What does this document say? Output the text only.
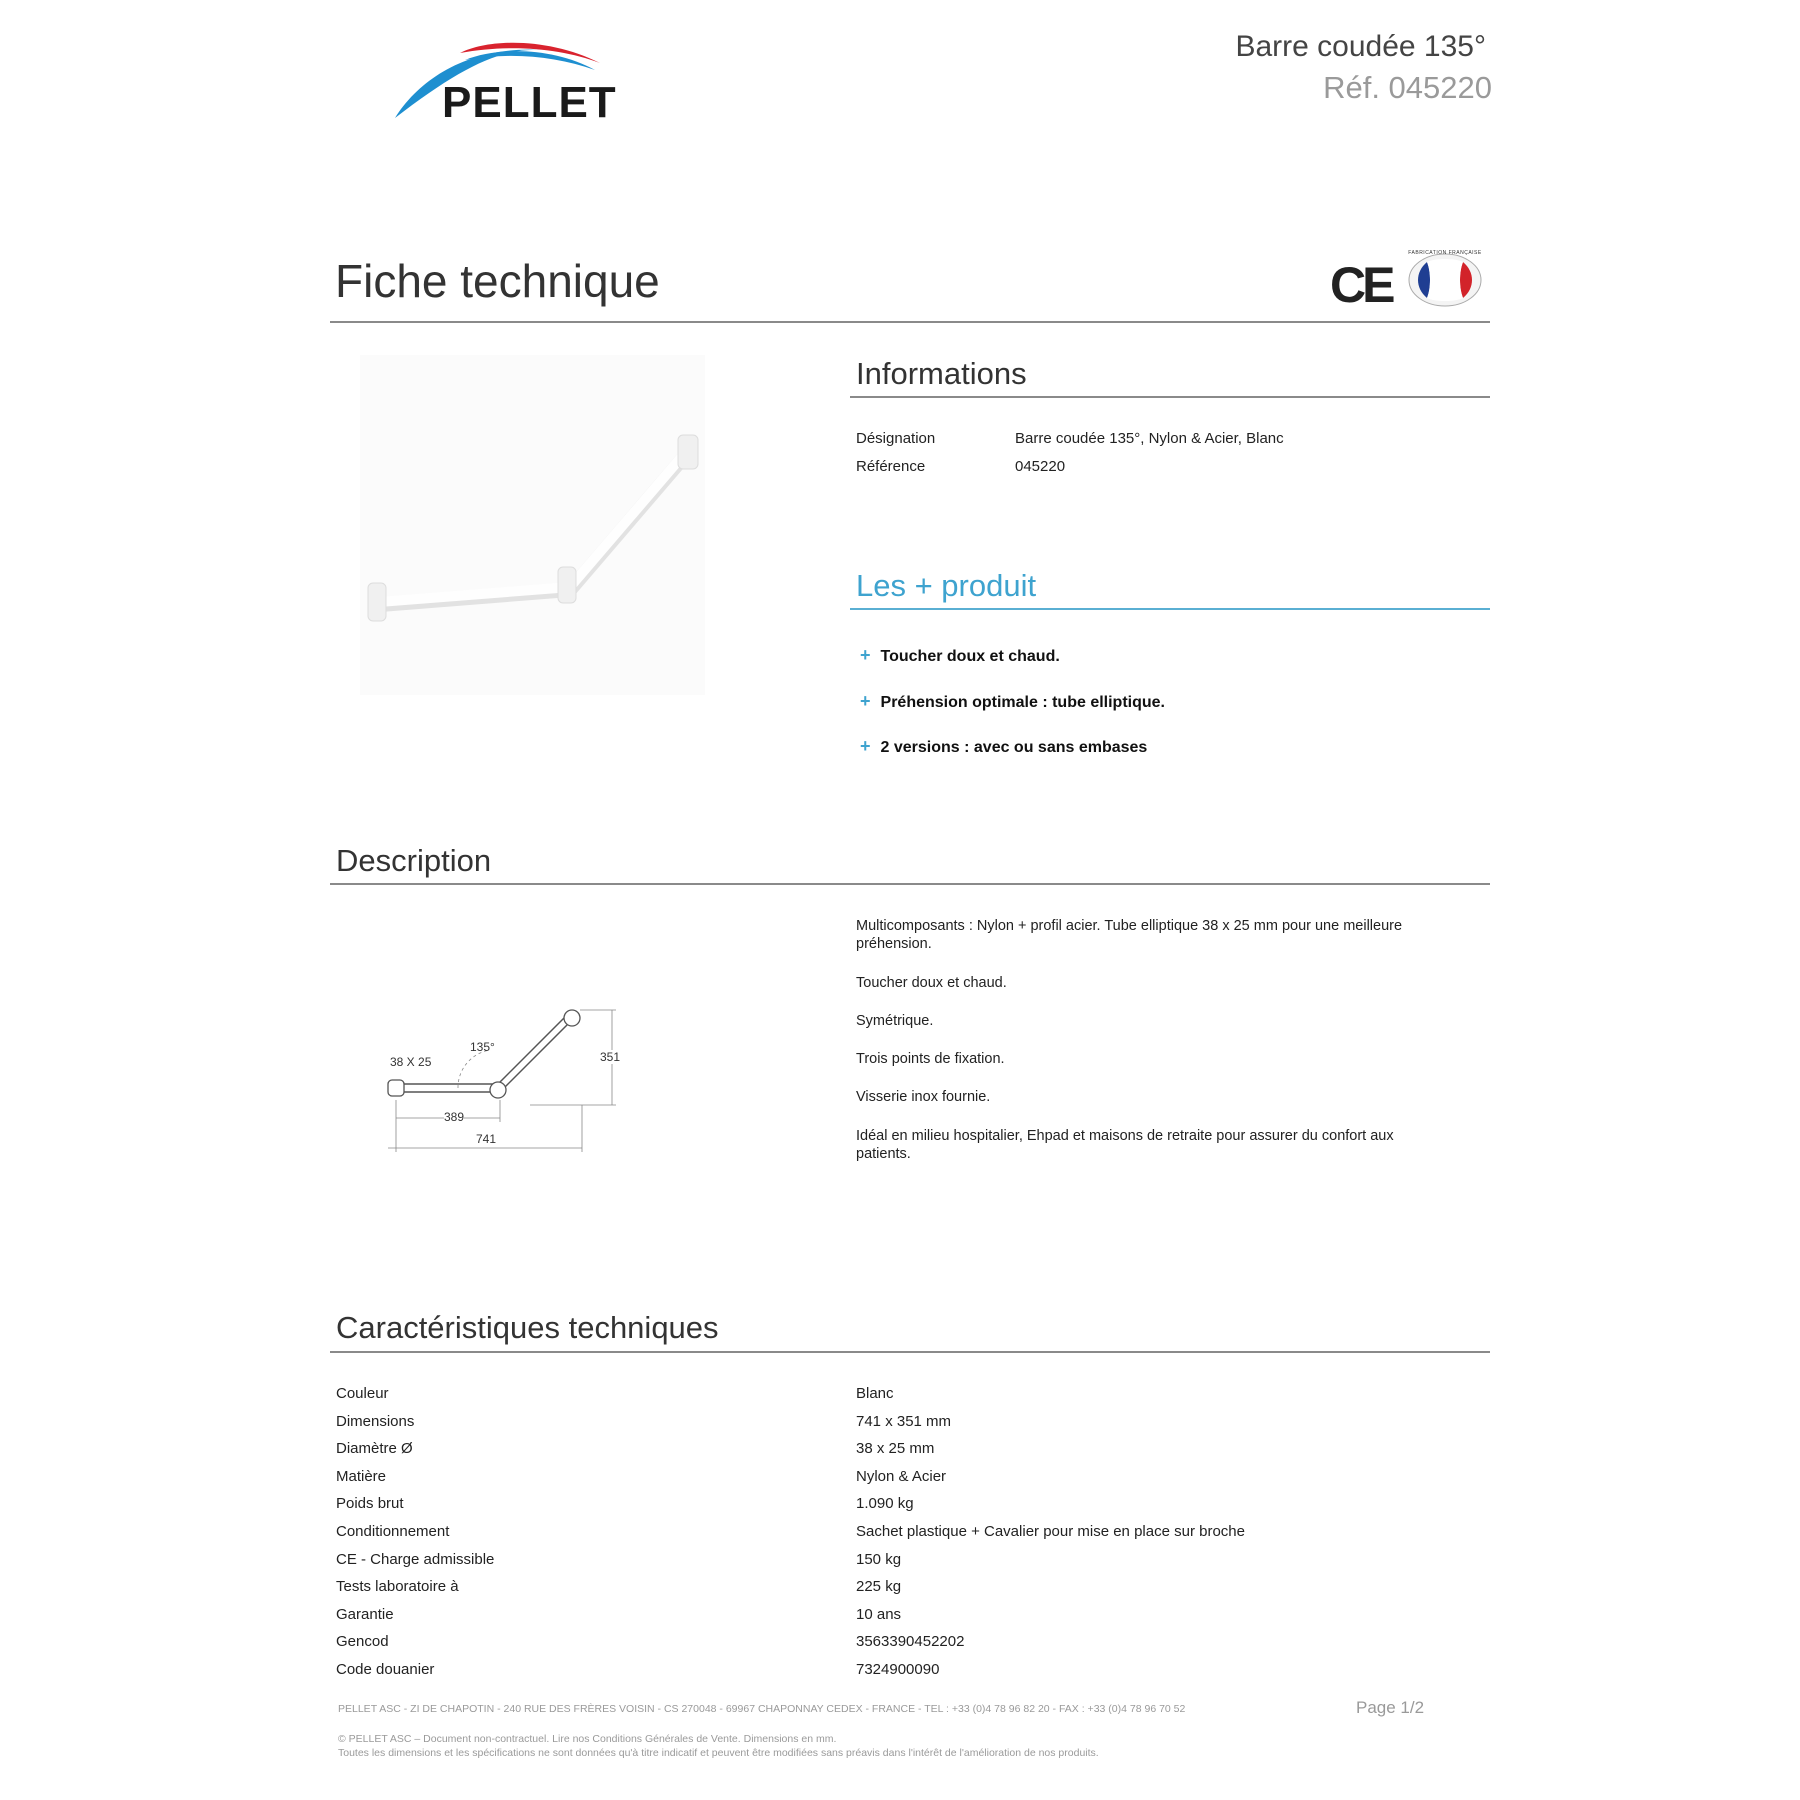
PELLET
Barre coudée 135°
Réf. 045220
Fiche technique	CE
FABRICATION FRANÇAISE
Informations
Désignation	Barre coudée 135°, Nylon & Acier, Blanc
Référence	045220
Les + produit
+ Toucher doux et chaud.
+ Préhension optimale : tube elliptique.
+ 2 versions : avec ou sans embases
Description
38 X 25
135°
351
389
741
Multicomposants : Nylon + profil acier. Tube elliptique 38 x 25 mm pour une meilleure préhension.
Toucher doux et chaud.
Symétrique.
Trois points de fixation.
Visserie inox fournie.
Idéal en milieu hospitalier, Ehpad et maisons de retraite pour assurer du confort aux patients.
Caractéristiques techniques
Couleur	Blanc
Dimensions	741 x 351 mm
Diamètre Ø	38 x 25 mm
Matière	Nylon & Acier
Poids brut	1.090 kg
Conditionnement	Sachet plastique + Cavalier pour mise en place sur broche
CE - Charge admissible	150 kg
Tests laboratoire à	225 kg
Garantie	10 ans
Gencod	3563390452202
Code douanier	7324900090
PELLET ASC - ZI DE CHAPOTIN - 240 RUE DES FRÈRES VOISIN - CS 270048 - 69967 CHAPONNAY CEDEX - FRANCE - TEL : +33 (0)4 78 96 82 20 - FAX : +33 (0)4 78 96 70 52	Page 1/2
© PELLET ASC – Document non-contractuel. Lire nos Conditions Générales de Vente. Dimensions en mm.
Toutes les dimensions et les spécifications ne sont données qu'à titre indicatif et peuvent être modifiées sans préavis dans l'intérêt de l'amélioration de nos produits.
